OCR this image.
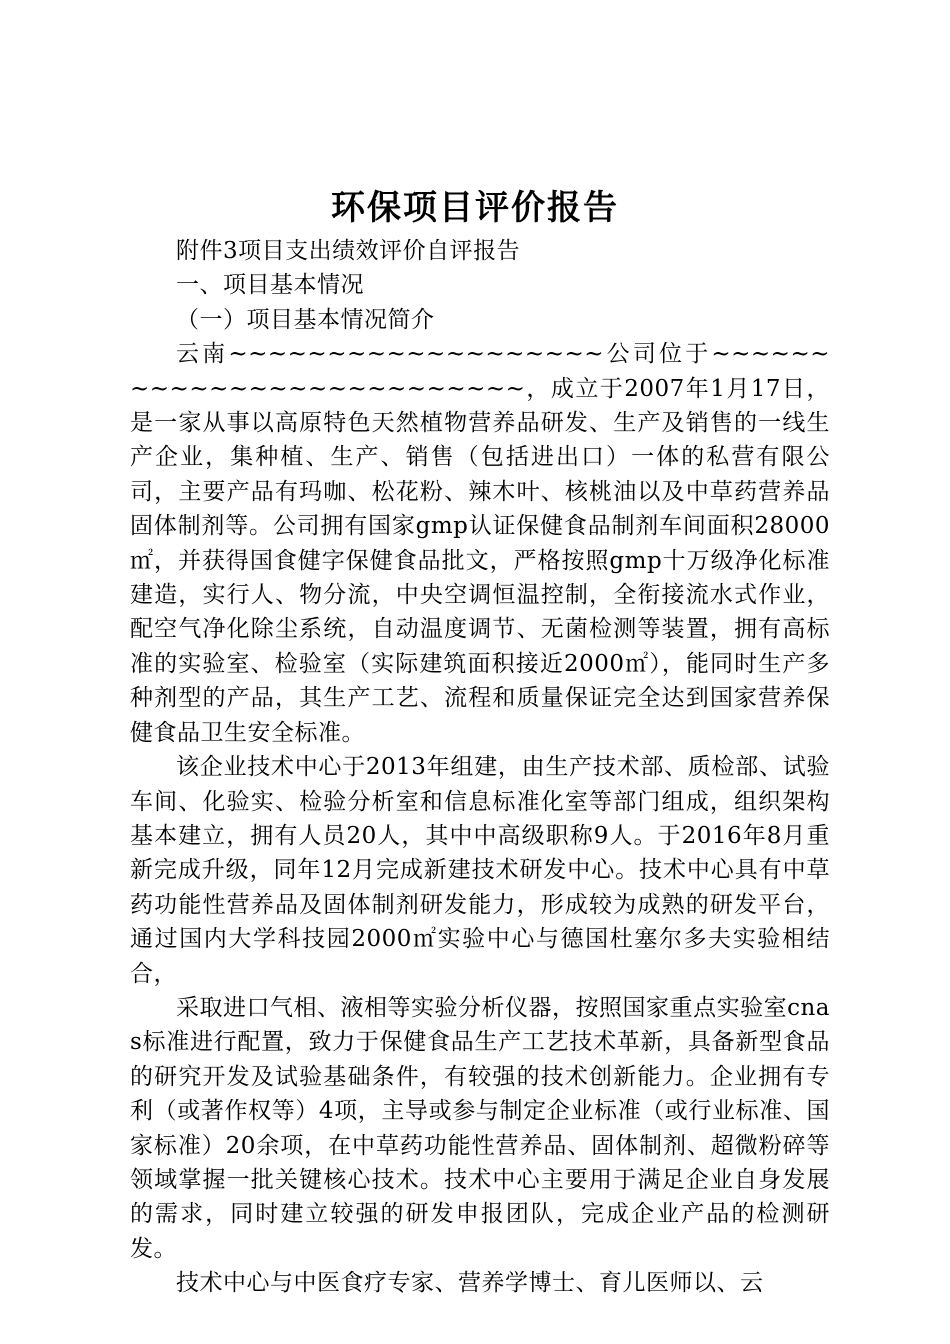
环保项目评价报告

附件3项目支出绩效评价自评报告

一、项目基本情况

（一）项目基本情况简介

云南~~~~~~~~~~~~~~~~~~~公司位于~~~~~~~~~~~~~~~~~~~~~~~~~~，成立于2007年1月17日，是一家从事以高原特色天然植物营养品研发、生产及销售的一线生产企业，集种植、生产、销售（包括进出口）一体的私营有限公司，主要产品有玛咖、松花粉、辣木叶、核桃油以及中草药营养品固体制剂等。公司拥有国家gmp认证保健食品制剂车间面积28000㎡，并获得国食健字保健食品批文，严格按照gmp十万级净化标准建造，实行人、物分流，中央空调恒温控制，全衔接流水式作业，配空气净化除尘系统，自动温度调节、无菌检测等装置，拥有高标准的实验室、检验室（实际建筑面积接近2000㎡），能同时生产多种剂型的产品，其生产工艺、流程和质量保证完全达到国家营养保健食品卫生安全标准。

该企业技术中心于2013年组建，由生产技术部、质检部、试验车间、化验实、检验分析室和信息标准化室等部门组成，组织架构基本建立，拥有人员20人，其中中高级职称9人。于2016年8月重新完成升级，同年12月完成新建技术研发中心。技术中心具有中草药功能性营养品及固体制剂研发能力，形成较为成熟的研发平台，通过国内大学科技园2000㎡实验中心与德国杜塞尔多夫实验相结合，

采取进口气相、液相等实验分析仪器，按照国家重点实验室cnas标准进行配置，致力于保健食品生产工艺技术革新，具备新型食品的研究开发及试验基础条件，有较强的技术创新能力。企业拥有专利（或著作权等）4项，主导或参与制定企业标准（或行业标准、国家标准）20余项，在中草药功能性营养品、固体制剂、超微粉碎等领域掌握一批关键核心技术。技术中心主要用于满足企业自身发展的需求，同时建立较强的研发申报团队，完成企业产品的检测研发。

技术中心与中医食疗专家、营养学博士、育儿医师以、云
